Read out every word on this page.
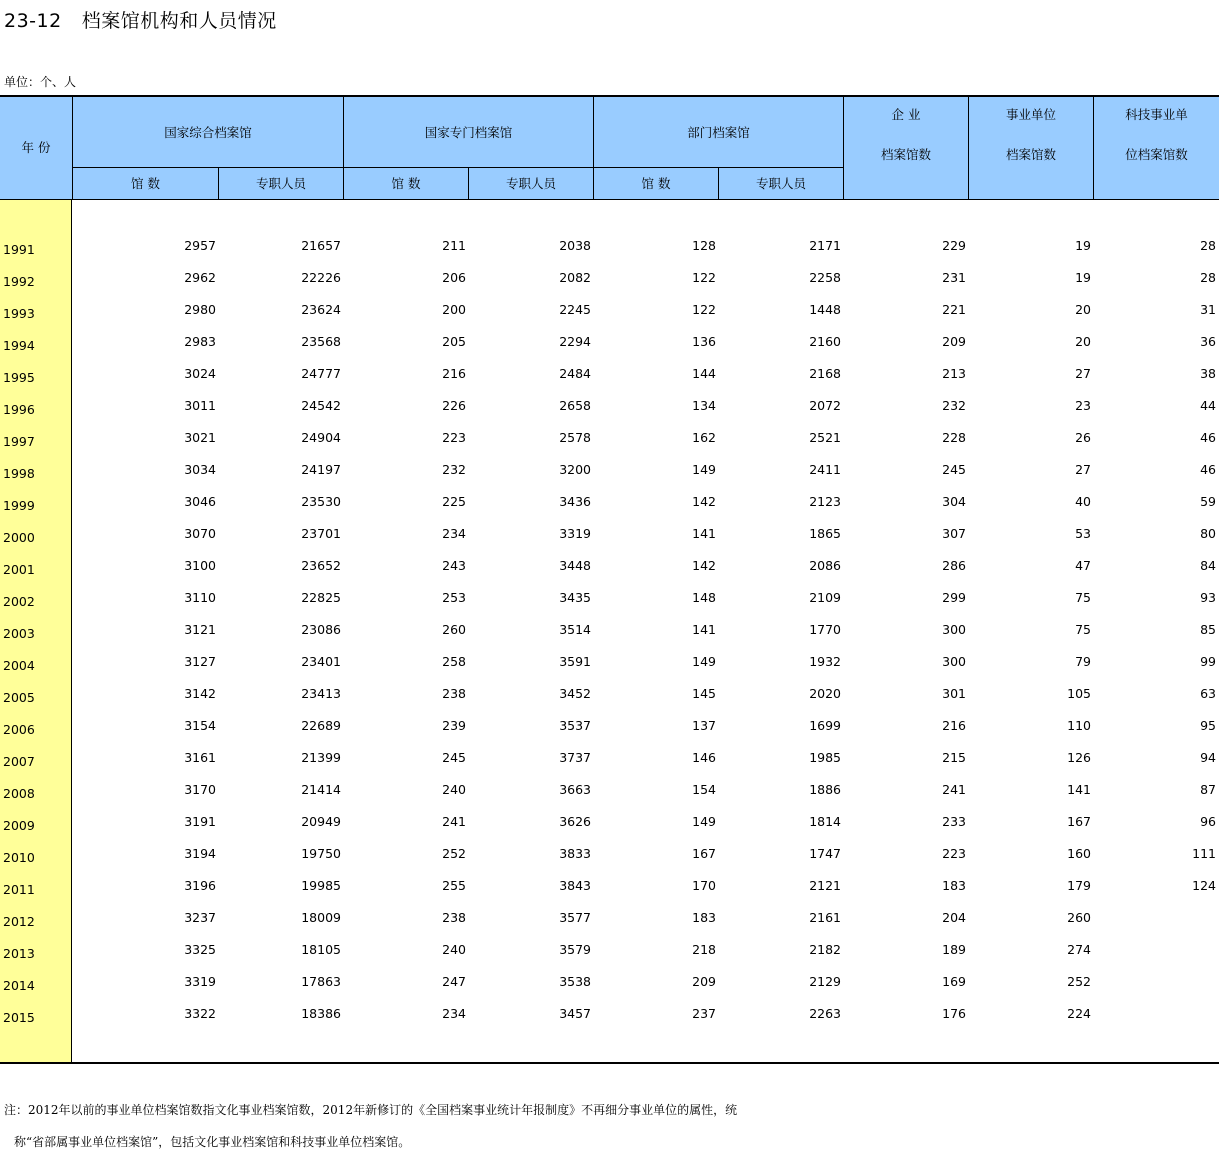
23-12 档案馆机构和人员情况
单位：个、人
年 份
国家综合档案馆	国家专门档案馆	部门档案馆
企 业
档案馆数
事业单位
档案馆数
科技事业单
位档案馆数
馆 数	专职人员	馆 数	专职人员	馆 数	专职人员
1991	2957	21657	211	2038	128	2171	229	19	28
1992	2962	22226	206	2082	122	2258	231	19	28
1993	2980	23624	200	2245	122	1448	221	20	31
1994	2983	23568	205	2294	136	2160	209	20	36
1995	3024	24777	216	2484	144	2168	213	27	38
1996	3011	24542	226	2658	134	2072	232	23	44
1997	3021	24904	223	2578	162	2521	228	26	46
1998	3034	24197	232	3200	149	2411	245	27	46
1999	3046	23530	225	3436	142	2123	304	40	59
2000	3070	23701	234	3319	141	1865	307	53	80
2001	3100	23652	243	3448	142	2086	286	47	84
2002	3110	22825	253	3435	148	2109	299	75	93
2003	3121	23086	260	3514	141	1770	300	75	85
2004	3127	23401	258	3591	149	1932	300	79	99
2005	3142	23413	238	3452	145	2020	301	105	63
2006	3154	22689	239	3537	137	1699	216	110	95
2007	3161	21399	245	3737	146	1985	215	126	94
2008	3170	21414	240	3663	154	1886	241	141	87
2009	3191	20949	241	3626	149	1814	233	167	96
2010	3194	19750	252	3833	167	1747	223	160	111
2011	3196	19985	255	3843	170	2121	183	179	124
2012	3237	18009	238	3577	183	2161	204	260
2013	3325	18105	240	3579	218	2182	189	274
2014	3319	17863	247	3538	209	2129	169	252
2015	3322	18386	234	3457	237	2263	176	224
注：2012年以前的事业单位档案馆数指文化事业档案馆数，2012年新修订的《全国档案事业统计年报制度》不再细分事业单位的属性，统
称“省部属事业单位档案馆”，包括文化事业档案馆和科技事业单位档案馆。
